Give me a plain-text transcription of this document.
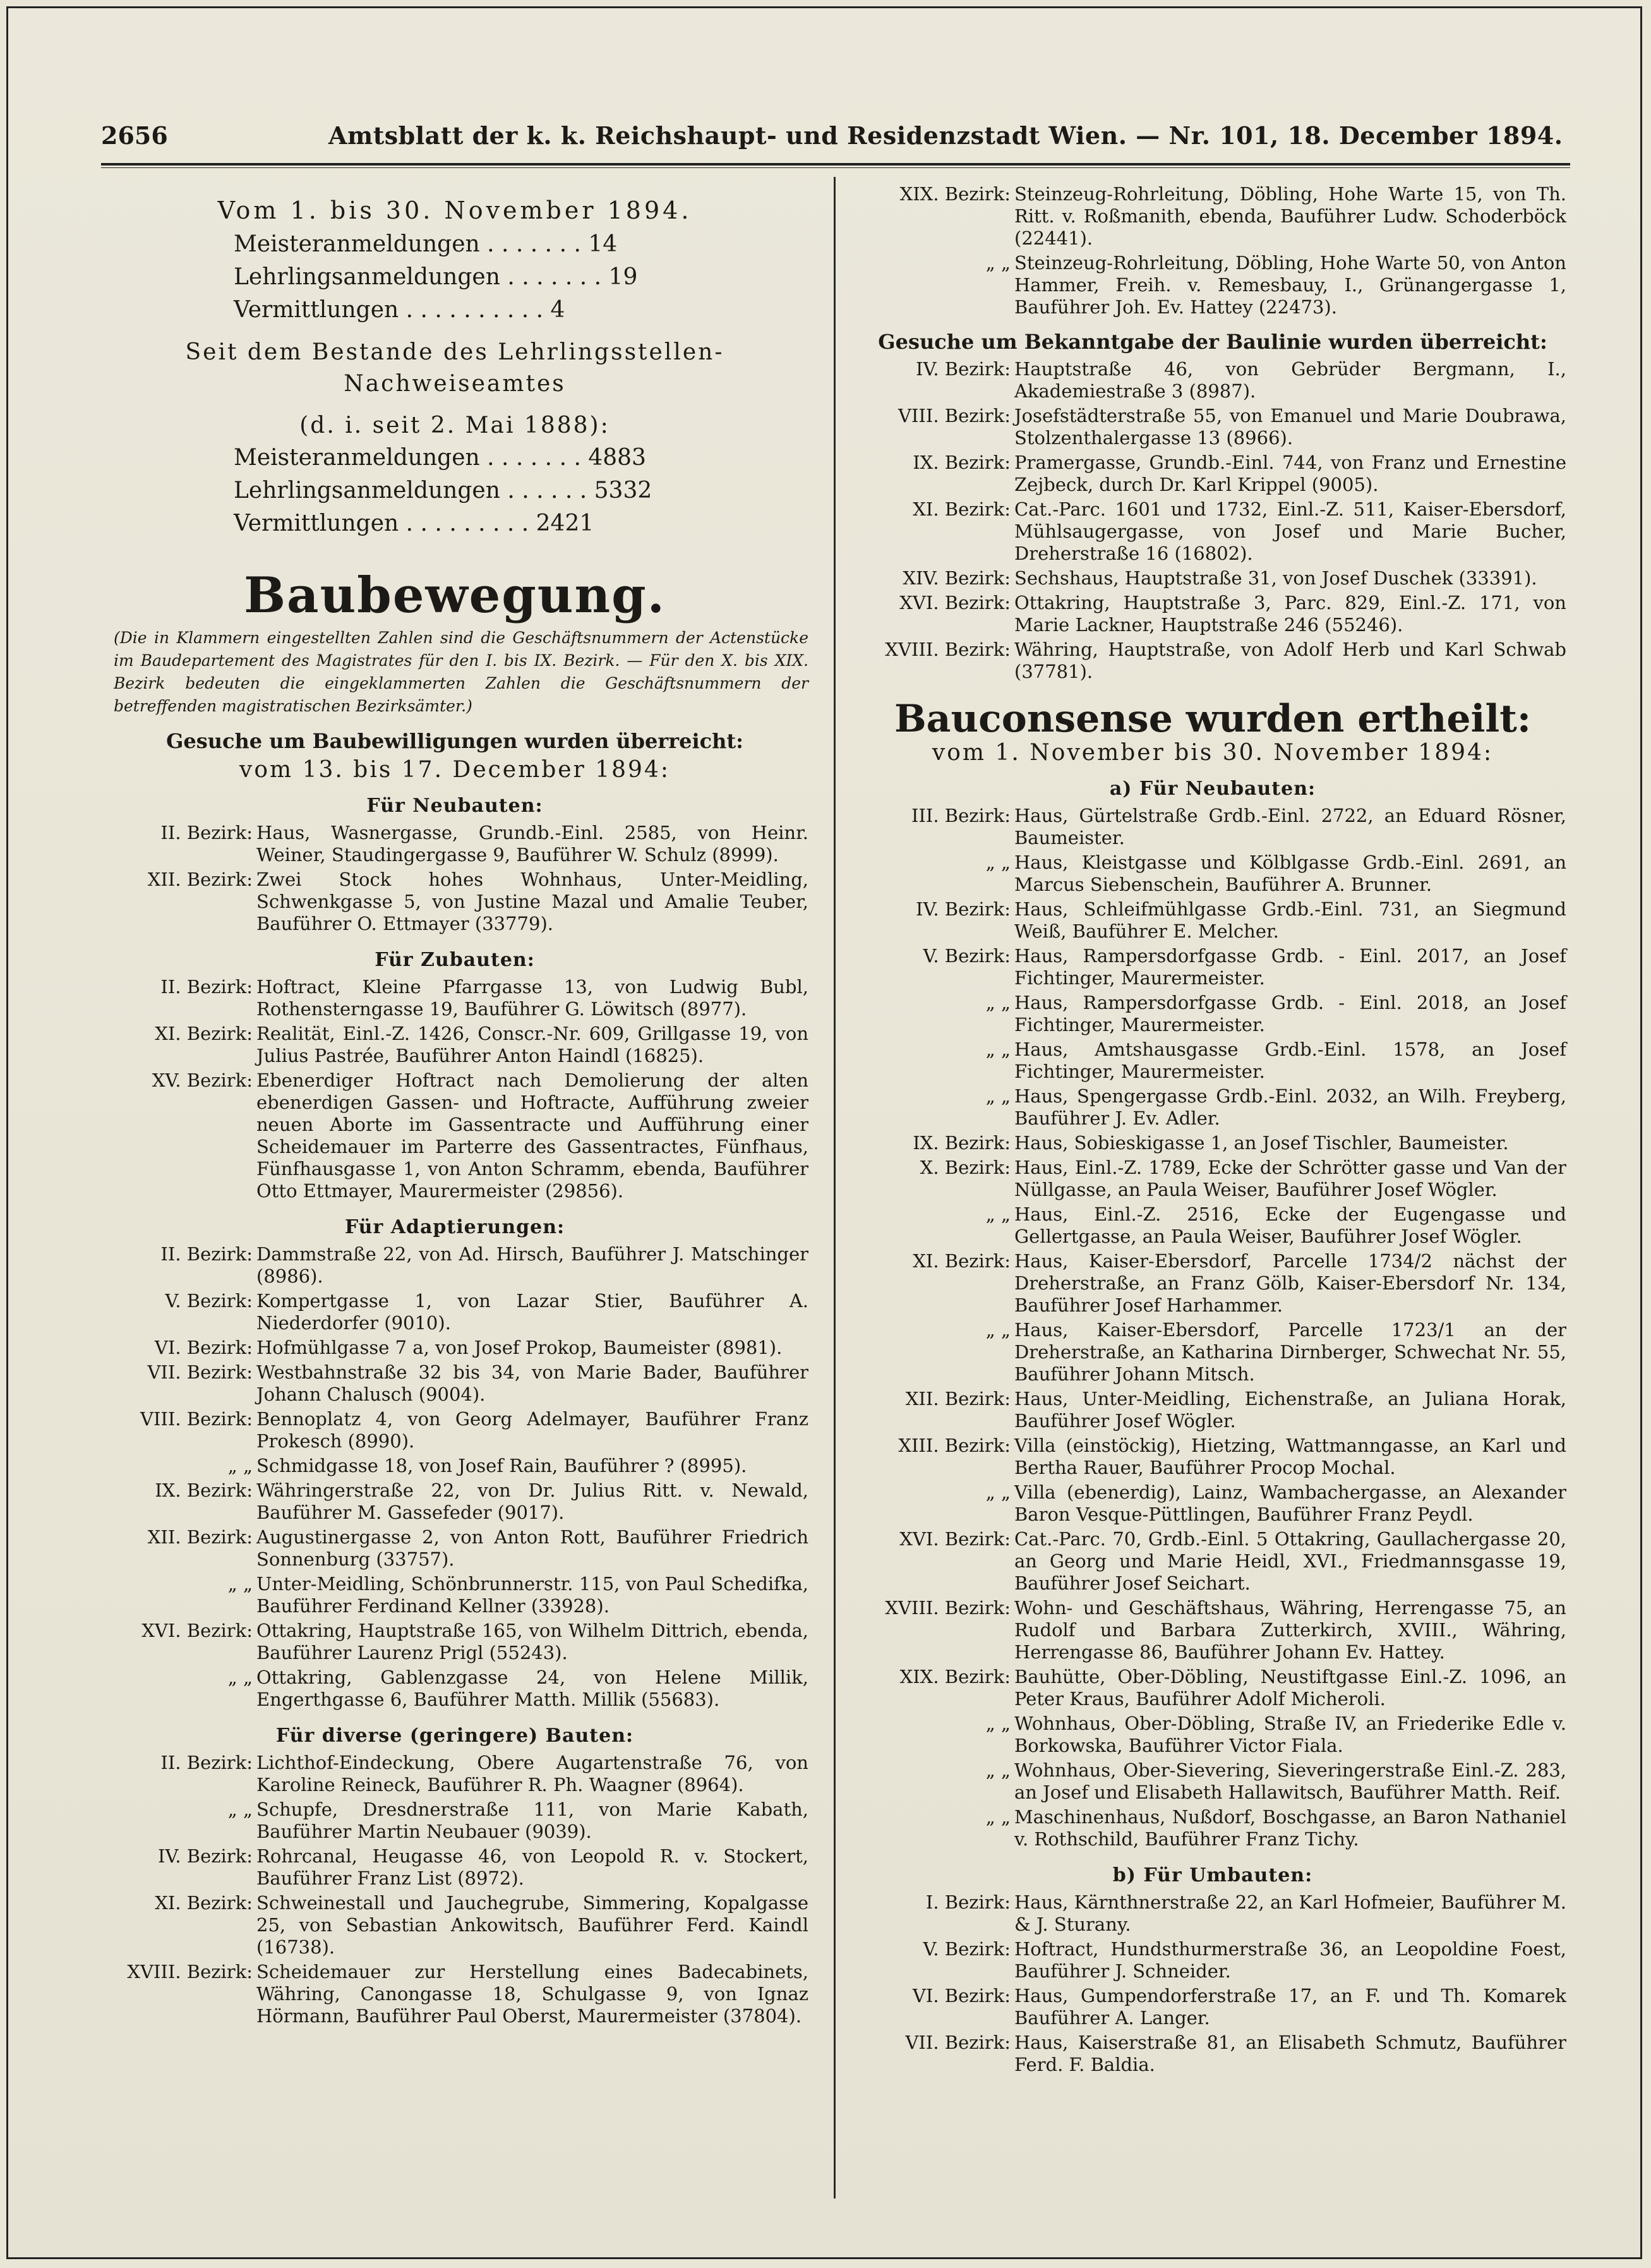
2656	Amtsblatt der k. k. Reichshaupt- und Residenzstadt Wien. — Nr. 101, 18. December 1894.
Vom 1. bis 30. November 1894.
Meisteranmeldungen . . . . . . . 14
Lehrlingsanmeldungen . . . . . . . 19
Vermittlungen . . . . . . . . . . 4
Seit dem Bestande des Lehrlingsstellen-Nachweiseamtes
(d. i. seit 2. Mai 1888):
Meisteranmeldungen . . . . . . . 4883
Lehrlingsanmeldungen . . . . . . 5332
Vermittlungen . . . . . . . . . 2421
Baubewegung.
(Die in Klammern eingestellten Zahlen sind die Geschäftsnummern der Actenstücke im Baudepartement des Magistrates für den I. bis IX. Bezirk. — Für den X. bis XIX. Bezirk bedeuten die eingeklammerten Zahlen die Geschäftsnummern der betreffenden magistratischen Bezirksämter.)
Gesuche um Baubewilligungen wurden überreicht:
vom 13. bis 17. December 1894:
Für Neubauten:
II. Bezirk: Haus, Wasnergasse, Grundb.-Einl. 2585, von Heinr. Weiner, Staudingergasse 9, Bauführer W. Schulz (8999).
XII. Bezirk: Zwei Stock hohes Wohnhaus, Unter-Meidling, Schwenkgasse 5, von Justine Mazal und Amalie Teuber, Bauführer O. Ettmayer (33779).
Für Zubauten:
II. Bezirk: Hoftract, Kleine Pfarrgasse 13, von Ludwig Bubl, Rothensterngasse 19, Bauführer G. Löwitsch (8977).
XI. Bezirk: Realität, Einl.-Z. 1426, Conscr.-Nr. 609, Grillgasse 19, von Julius Pastrée, Bauführer Anton Haindl (16825).
XV. Bezirk: Ebenerdiger Hoftract nach Demolierung der alten ebenerdigen Gassen- und Hoftracte, Aufführung zweier neuen Aborte im Gassentracte und Aufführung einer Scheidemauer im Parterre des Gassentractes, Fünfhaus, Fünfhausgasse 1, von Anton Schramm, ebenda, Bauführer Otto Ettmayer, Maurermeister (29856).
Für Adaptierungen:
II. Bezirk: Dammstraße 22, von Ad. Hirsch, Bauführer J. Matschinger (8986).
V. Bezirk: Kompertgasse 1, von Lazar Stier, Bauführer A. Niederdorfer (9010).
VI. Bezirk: Hofmühlgasse 7 a, von Josef Prokop, Baumeister (8981).
VII. Bezirk: Westbahnstraße 32 bis 34, von Marie Bader, Bauführer Johann Chalusch (9004).
VIII. Bezirk: Bennoplatz 4, von Georg Adelmayer, Bauführer Franz Prokesch (8990).
„ „ Schmidgasse 18, von Josef Rain, Bauführer ? (8995).
IX. Bezirk: Währingerstraße 22, von Dr. Julius Ritt. v. Newald, Bauführer M. Gassefeder (9017).
XII. Bezirk: Augustinergasse 2, von Anton Rott, Bauführer Friedrich Sonnenburg (33757).
„ „ Unter-Meidling, Schönbrunnerstr. 115, von Paul Schedifka, Bauführer Ferdinand Kellner (33928).
XVI. Bezirk: Ottakring, Hauptstraße 165, von Wilhelm Dittrich, ebenda, Bauführer Laurenz Prigl (55243).
„ „ Ottakring, Gablenzgasse 24, von Helene Millik, Engerthgasse 6, Bauführer Matth. Millik (55683).
Für diverse (geringere) Bauten:
II. Bezirk: Lichthof-Eindeckung, Obere Augartenstraße 76, von Karoline Reineck, Bauführer R. Ph. Waagner (8964).
„ „ Schupfe, Dresdnerstraße 111, von Marie Kabath, Bauführer Martin Neubauer (9039).
IV. Bezirk: Rohrcanal, Heugasse 46, von Leopold R. v. Stockert, Bauführer Franz List (8972).
XI. Bezirk: Schweinestall und Jauchegrube, Simmering, Kopalgasse 25, von Sebastian Ankowitsch, Bauführer Ferd. Kaindl (16738).
XVIII. Bezirk: Scheidemauer zur Herstellung eines Badecabinets, Währing, Canongasse 18, Schulgasse 9, von Ignaz Hörmann, Bauführer Paul Oberst, Maurermeister (37804).
XIX. Bezirk: Steinzeug-Rohrleitung, Döbling, Hohe Warte 15, von Th. Ritt. v. Roßmanith, ebenda, Bauführer Ludw. Schoderböck (22441).
„ „ Steinzeug-Rohrleitung, Döbling, Hohe Warte 50, von Anton Hammer, Freih. v. Remesbauy, I., Grünangergasse 1, Bauführer Joh. Ev. Hattey (22473).
Gesuche um Bekanntgabe der Baulinie wurden überreicht:
IV. Bezirk: Hauptstraße 46, von Gebrüder Bergmann, I., Akademiestraße 3 (8987).
VIII. Bezirk: Josefstädterstraße 55, von Emanuel und Marie Doubrawa, Stolzenthalergasse 13 (8966).
IX. Bezirk: Pramergasse, Grundb.-Einl. 744, von Franz und Ernestine Zejbeck, durch Dr. Karl Krippel (9005).
XI. Bezirk: Cat.-Parc. 1601 und 1732, Einl.-Z. 511, Kaiser-Ebersdorf, Mühlsaugergasse, von Josef und Marie Bucher, Dreherstraße 16 (16802).
XIV. Bezirk: Sechshaus, Hauptstraße 31, von Josef Duschek (33391).
XVI. Bezirk: Ottakring, Hauptstraße 3, Parc. 829, Einl.-Z. 171, von Marie Lackner, Hauptstraße 246 (55246).
XVIII. Bezirk: Währing, Hauptstraße, von Adolf Herb und Karl Schwab (37781).
Bauconsense wurden ertheilt:
vom 1. November bis 30. November 1894:
a) Für Neubauten:
III. Bezirk: Haus, Gürtelstraße Grdb.-Einl. 2722, an Eduard Rösner, Baumeister.
„ „ Haus, Kleistgasse und Kölblgasse Grdb.-Einl. 2691, an Marcus Siebenschein, Bauführer A. Brunner.
IV. Bezirk: Haus, Schleifmühlgasse Grdb.-Einl. 731, an Siegmund Weiß, Bauführer E. Melcher.
V. Bezirk: Haus, Rampersdorfgasse Grdb. - Einl. 2017, an Josef Fichtinger, Maurermeister.
„ „ Haus, Rampersdorfgasse Grdb. - Einl. 2018, an Josef Fichtinger, Maurermeister.
„ „ Haus, Amtshausgasse Grdb.-Einl. 1578, an Josef Fichtinger, Maurermeister.
„ „ Haus, Spengergasse Grdb.-Einl. 2032, an Wilh. Freyberg, Bauführer J. Ev. Adler.
IX. Bezirk: Haus, Sobieskigasse 1, an Josef Tischler, Baumeister.
X. Bezirk: Haus, Einl.-Z. 1789, Ecke der Schrötter gasse und Van der Nüllgasse, an Paula Weiser, Bauführer Josef Wögler.
„ „ Haus, Einl.-Z. 2516, Ecke der Eugengasse und Gellertgasse, an Paula Weiser, Bauführer Josef Wögler.
XI. Bezirk: Haus, Kaiser-Ebersdorf, Parcelle 1734/2 nächst der Dreherstraße, an Franz Gölb, Kaiser-Ebersdorf Nr. 134, Bauführer Josef Harhammer.
„ „ Haus, Kaiser-Ebersdorf, Parcelle 1723/1 an der Dreherstraße, an Katharina Dirnberger, Schwechat Nr. 55, Bauführer Johann Mitsch.
XII. Bezirk: Haus, Unter-Meidling, Eichenstraße, an Juliana Horak, Bauführer Josef Wögler.
XIII. Bezirk: Villa (einstöckig), Hietzing, Wattmanngasse, an Karl und Bertha Rauer, Bauführer Procop Mochal.
„ „ Villa (ebenerdig), Lainz, Wambachergasse, an Alexander Baron Vesque-Püttlingen, Bauführer Franz Peydl.
XVI. Bezirk: Cat.-Parc. 70, Grdb.-Einl. 5 Ottakring, Gaullachergasse 20, an Georg und Marie Heidl, XVI., Friedmannsgasse 19, Bauführer Josef Seichart.
XVIII. Bezirk: Wohn- und Geschäftshaus, Währing, Herrengasse 75, an Rudolf und Barbara Zutterkirch, XVIII., Währing, Herrengasse 86, Bauführer Johann Ev. Hattey.
XIX. Bezirk: Bauhütte, Ober-Döbling, Neustiftgasse Einl.-Z. 1096, an Peter Kraus, Bauführer Adolf Micheroli.
„ „ Wohnhaus, Ober-Döbling, Straße IV, an Friederike Edle v. Borkowska, Bauführer Victor Fiala.
„ „ Wohnhaus, Ober-Sievering, Sieveringerstraße Einl.-Z. 283, an Josef und Elisabeth Hallawitsch, Bauführer Matth. Reif.
„ „ Maschinenhaus, Nußdorf, Boschgasse, an Baron Nathaniel v. Rothschild, Bauführer Franz Tichy.
b) Für Umbauten:
I. Bezirk: Haus, Kärnthnerstraße 22, an Karl Hofmeier, Bauführer M. & J. Sturany.
V. Bezirk: Hoftract, Hundsthurmerstraße 36, an Leopoldine Foest, Bauführer J. Schneider.
VI. Bezirk: Haus, Gumpendorferstraße 17, an F. und Th. Komarek Bauführer A. Langer.
VII. Bezirk: Haus, Kaiserstraße 81, an Elisabeth Schmutz, Bauführer Ferd. F. Baldia.
